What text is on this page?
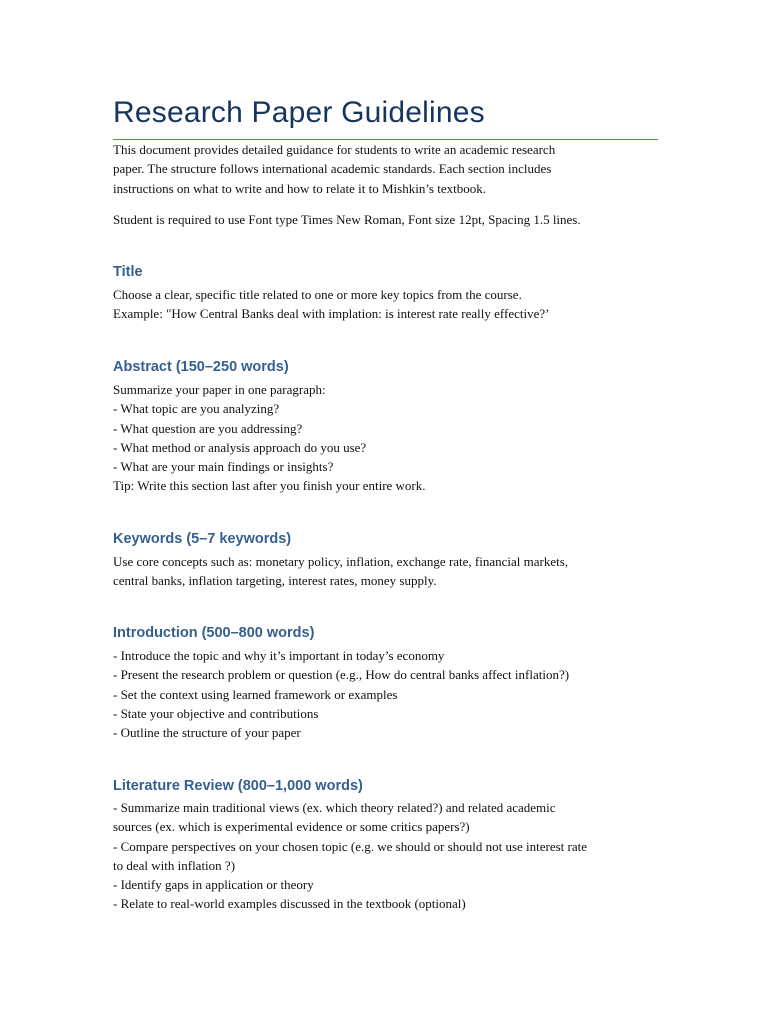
Research Paper Guidelines
This document provides detailed guidance for students to write an academic research
paper. The structure follows international academic standards. Each section includes
instructions on what to write and how to relate it to Mishkin’s textbook.
Student is required to use Font type Times New Roman, Font size 12pt, Spacing 1.5 lines.
Title
Choose a clear, specific title related to one or more key topics from the course.
Example: "How Central Banks deal with implation: is interest rate really effective?’
Abstract (150–250 words)
Summarize your paper in one paragraph:
- What topic are you analyzing?
- What question are you addressing?
- What method or analysis approach do you use?
- What are your main findings or insights?
Tip: Write this section last after you finish your entire work.
Keywords (5–7 keywords)
Use core concepts such as: monetary policy, inflation, exchange rate, financial markets,
central banks, inflation targeting, interest rates, money supply.
Introduction (500–800 words)
- Introduce the topic and why it’s important in today’s economy
- Present the research problem or question (e.g., How do central banks affect inflation?)
- Set the context using learned framework or examples
- State your objective and contributions
- Outline the structure of your paper
Literature Review (800–1,000 words)
- Summarize main traditional views (ex. which theory related?) and related academic
sources (ex. which is experimental evidence or some critics papers?)
- Compare perspectives on your chosen topic (e.g. we should or should not use interest rate
to deal with inflation ?)
- Identify gaps in application or theory
- Relate to real-world examples discussed in the textbook (optional)
